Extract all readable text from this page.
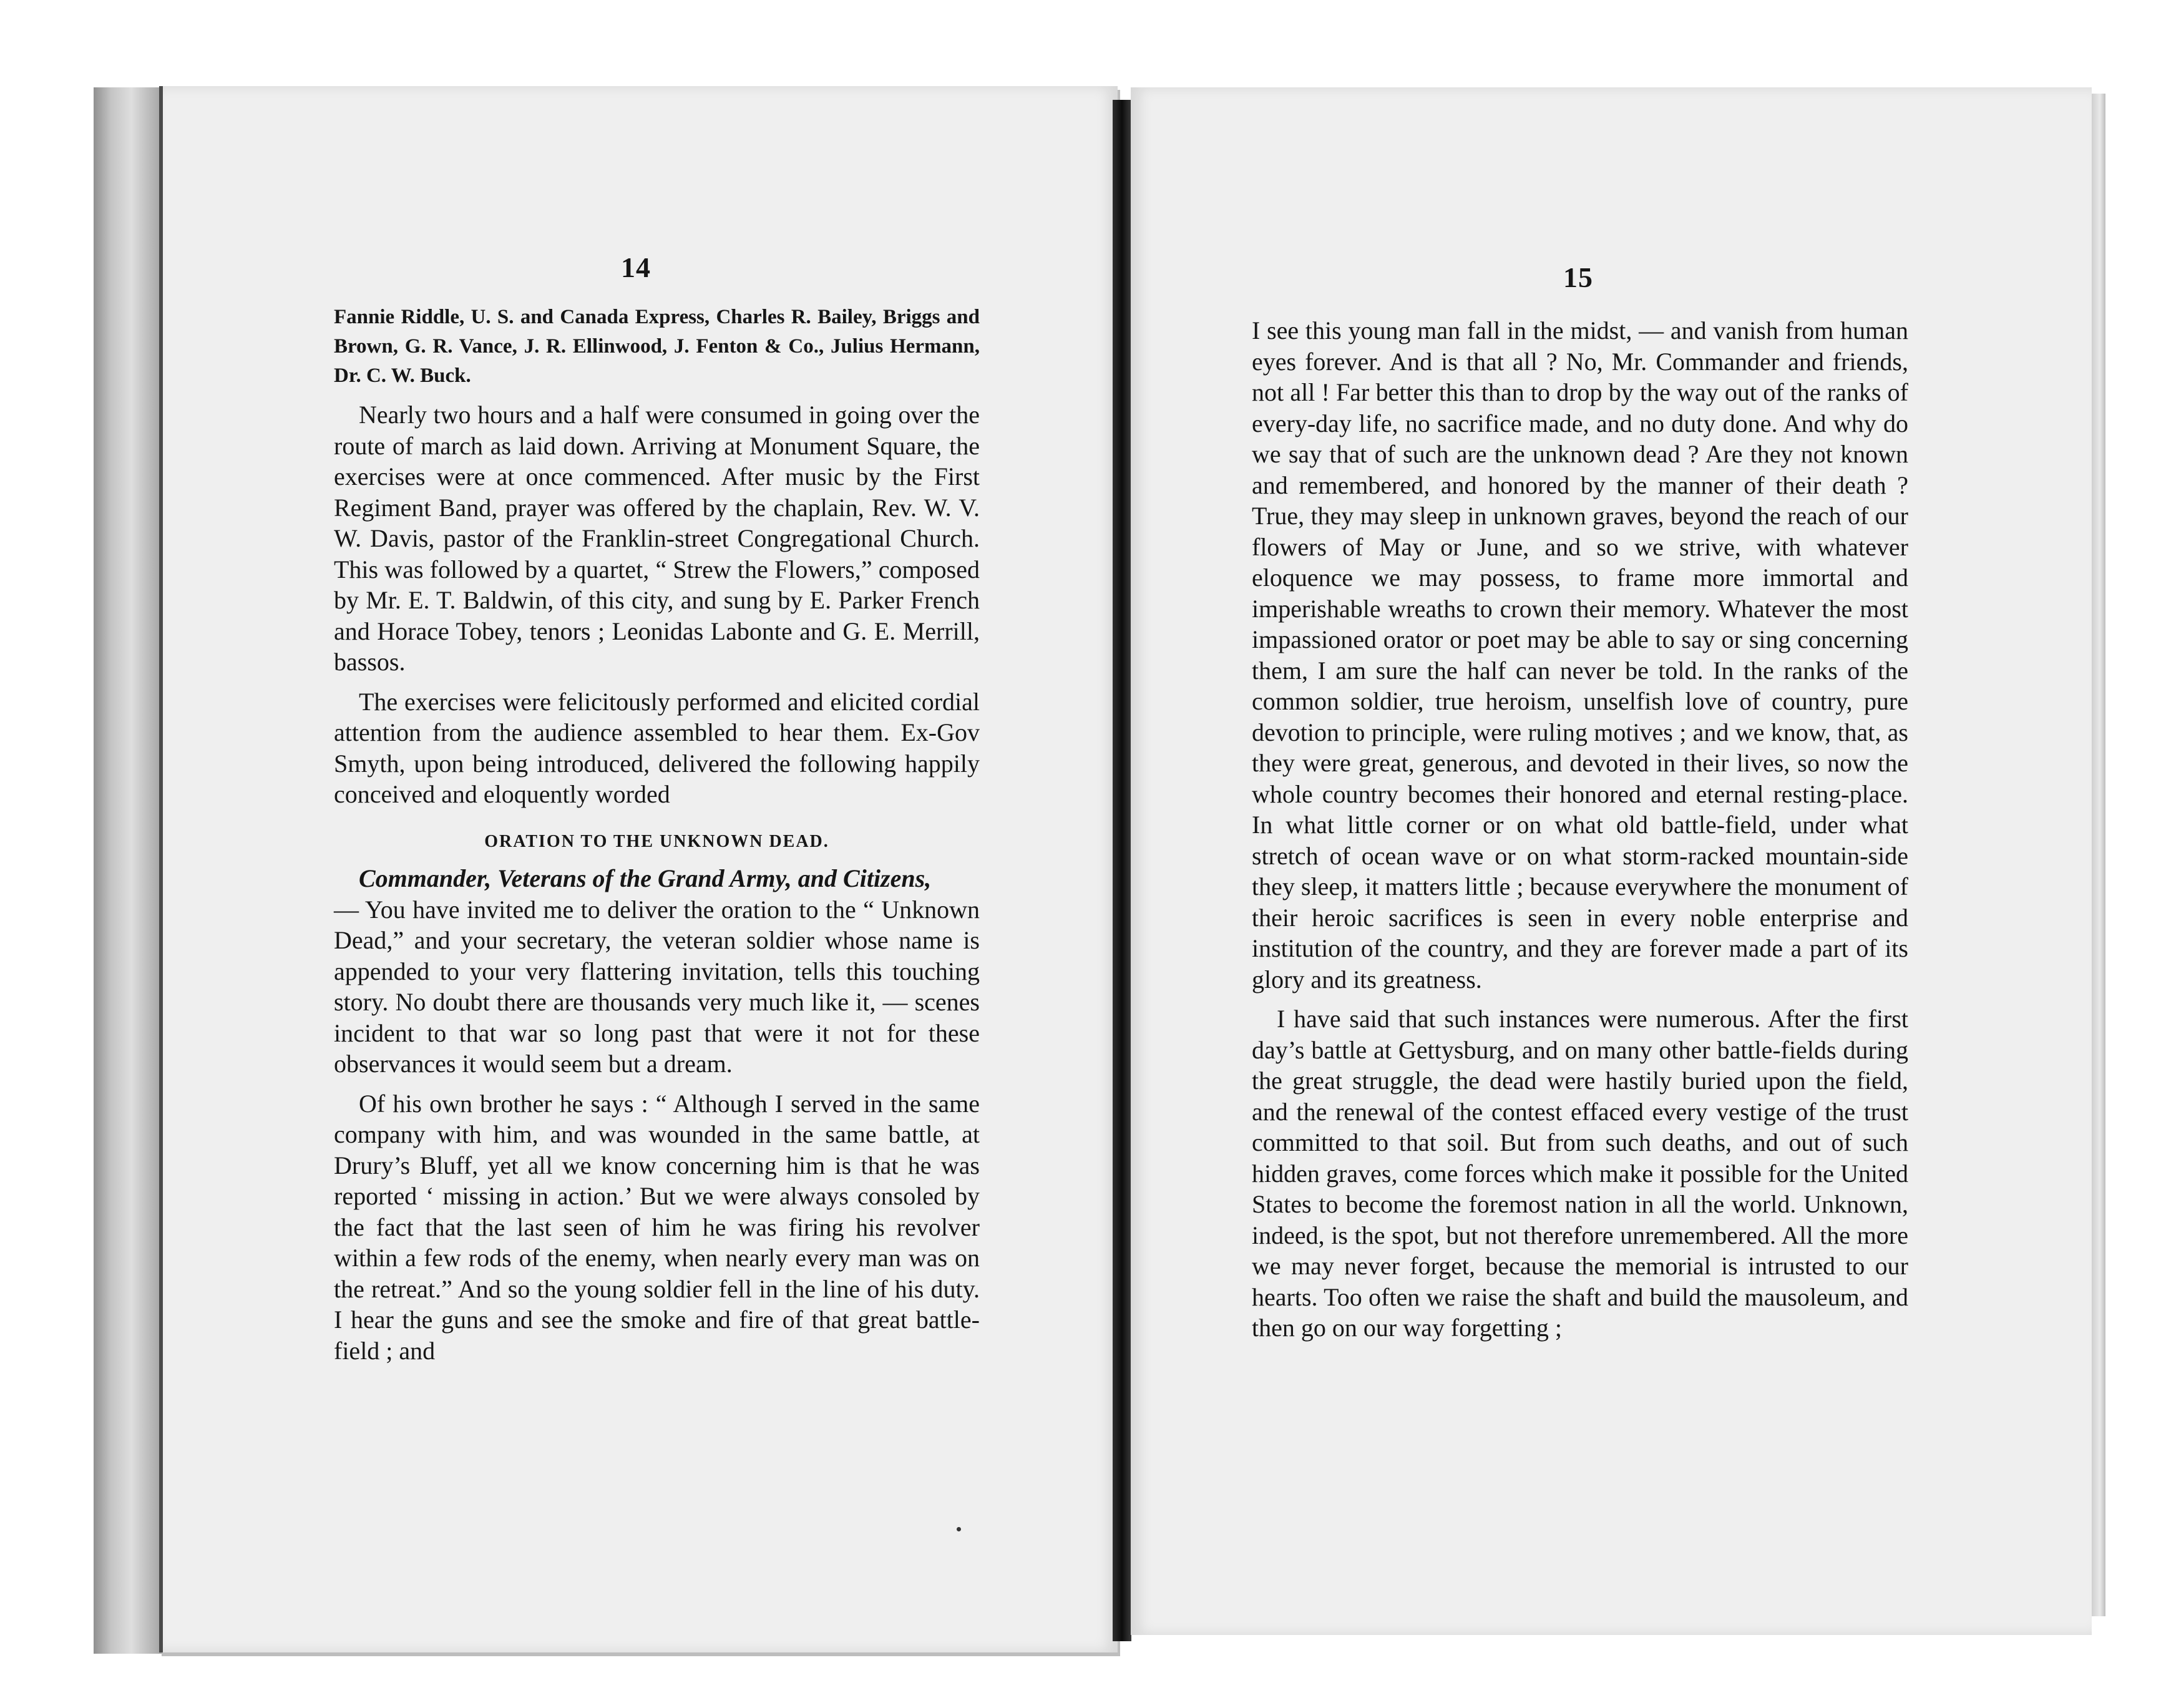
14	15

Fannie Riddle, U. S. and Canada Express, Charles R. Bailey, Briggs and Brown, G. R. Vance, J. R. Ellinwood, J. Fenton & Co., Julius Hermann, Dr. C. W. Buck.

Nearly two hours and a half were consumed in going over the route of march as laid down. Arriving at Monument Square, the exercises were at once commenced. After music by the First Regiment Band, prayer was offered by the chaplain, Rev. W. V. W. Davis, pastor of the Franklin-street Congregational Church. This was followed by a quartet, “ Strew the Flowers,” composed by Mr. E. T. Baldwin, of this city, and sung by E. Parker French and Horace Tobey, tenors ; Leonidas Labonte and G. E. Merrill, bassos.

The exercises were felicitously performed and elicited cordial attention from the audience assembled to hear them. Ex-Gov Smyth, upon being introduced, delivered the following happily conceived and eloquently worded

ORATION TO THE UNKNOWN DEAD.

Commander, Veterans of the Grand Army, and Citizens,
— You have invited me to deliver the oration to the “ Unknown Dead,” and your secretary, the veteran soldier whose name is appended to your very flattering invitation, tells this touching story. No doubt there are thousands very much like it, — scenes incident to that war so long past that were it not for these observances it would seem but a dream.

Of his own brother he says : “ Although I served in the same company with him, and was wounded in the same battle, at Drury’s Bluff, yet all we know concerning him is that he was reported ‘ missing in action.’ But we were always consoled by the fact that the last seen of him he was firing his revolver within a few rods of the enemy, when nearly every man was on the retreat.” And so the young soldier fell in the line of his duty. I hear the guns and see the smoke and fire of that great battle-field ; and

I see this young man fall in the midst, — and vanish from human eyes forever. And is that all ? No, Mr. Commander and friends, not all ! Far better this than to drop by the way out of the ranks of every-day life, no sacrifice made, and no duty done. And why do we say that of such are the unknown dead ? Are they not known and remembered, and honored by the manner of their death ? True, they may sleep in unknown graves, beyond the reach of our flowers of May or June, and so we strive, with whatever eloquence we may possess, to frame more immortal and imperishable wreaths to crown their memory. Whatever the most impassioned orator or poet may be able to say or sing concerning them, I am sure the half can never be told. In the ranks of the common soldier, true heroism, unselfish love of country, pure devotion to principle, were ruling motives ; and we know, that, as they were great, generous, and devoted in their lives, so now the whole country becomes their honored and eternal resting-place. In what little corner or on what old battle-field, under what stretch of ocean wave or on what storm-racked mountain-side they sleep, it matters little ; because everywhere the monument of their heroic sacrifices is seen in every noble enterprise and institution of the country, and they are forever made a part of its glory and its greatness.

I have said that such instances were numerous. After the first day’s battle at Gettysburg, and on many other battle-fields during the great struggle, the dead were hastily buried upon the field, and the renewal of the contest effaced every vestige of the trust committed to that soil. But from such deaths, and out of such hidden graves, come forces which make it possible for the United States to become the foremost nation in all the world. Unknown, indeed, is the spot, but not therefore unremembered. All the more we may never forget, because the memorial is intrusted to our hearts. Too often we raise the shaft and build the mausoleum, and then go on our way forgetting ;
